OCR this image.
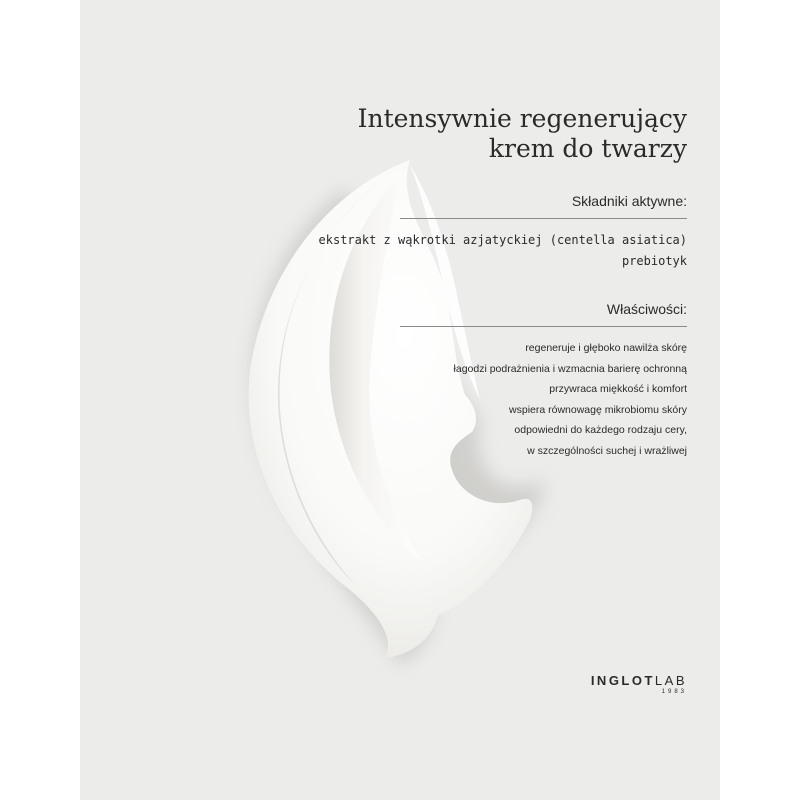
Intensywnie regenerujący
krem do twarzy
Składniki aktywne:
ekstrakt z wąkrotki azjatyckiej (centella asiatica)
prebiotyk
Właściwości:
regeneruje i głęboko nawilża skórę
łagodzi podrażnienia i wzmacnia barierę ochronną
przywraca miękkość i komfort
wspiera równowagę mikrobiomu skóry
odpowiedni do każdego rodzaju cery,
w szczególności suchej i wrażliwej
INGLOTLAB
1983
